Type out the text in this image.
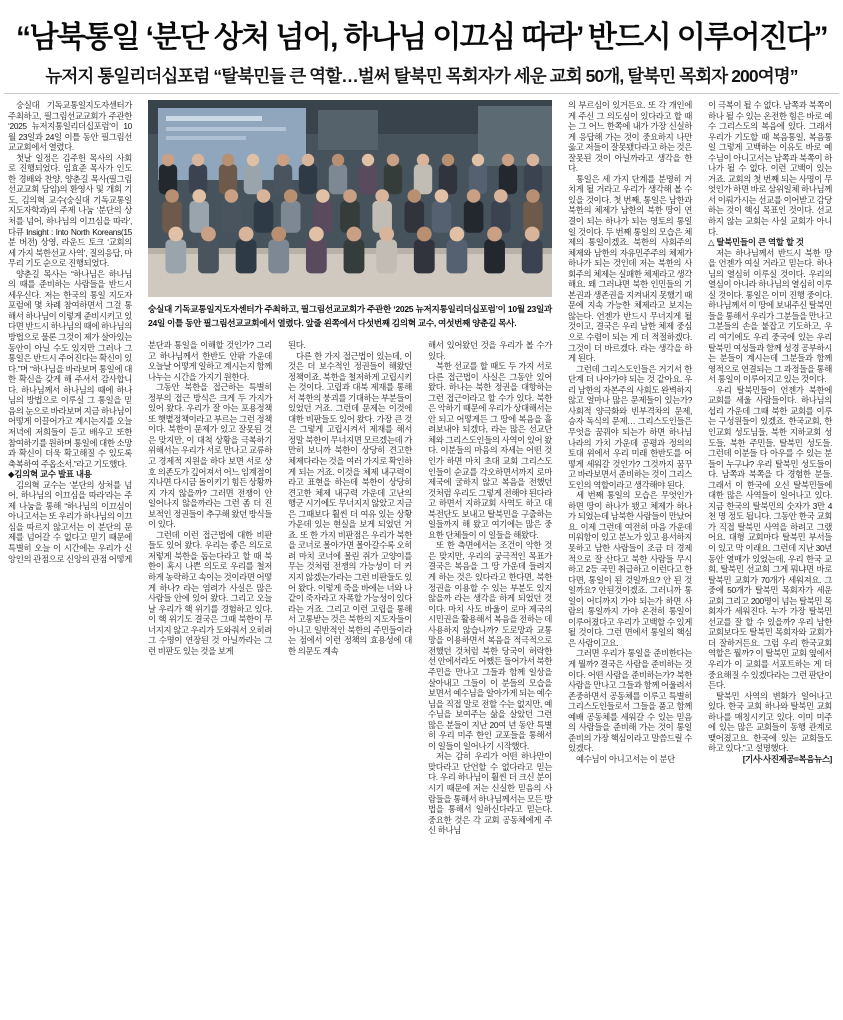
“남북통일 ‘분단 상처 넘어, 하나님 이끄심 따라’ 반드시 이루어진다”
뉴저지 통일리더십포럼 “탈북민들 큰 역할…벌써 탈북민 목회자가 세운 교회 50개, 탈북민 목회자 200여명”
숭실대 기독교통일지도자센터가 주최하고, 필그림선교교회가 주관한 ‘2025 뉴저지통일리더십포럼’이 10월 23일과 24일 이틀 동안 필그림선교교회에서 열렸다. 앞줄 왼쪽에서 다섯번째 김의혁 교수, 여섯번째 양춘길 목사.

숭실대 기독교통일지도자센터가 주최하고, 필그림선교교회가 주관한 ‘2025 뉴저지통일리더십포럼’이 10월 23일과 24일 이틀 동안 필그림선교교회에서 열렸다.

첫날 일정은 김주헌 목사의 사회로 진행되었다. 임효준 목사가 인도한 경배와 찬양, 양춘길 목사(필그림선교교회 담임)의 환영사 및 개회 기도, 김의혁 교수(숭실대 기독교통일지도자학과)의 주제 나눔 ‘분단의 상처를 넘어, 하나님의 이끄심을 따라’, 다큐 Insight : Into North Koreans(15분 버전) 상영, 라운드 토크 ‘교회의 세 가지 북한선교 사역’, 질의응답, 마무리 기도 순으로 진행되었다.

양춘길 목사는 “하나님은 하나님의 때를 준비하는 사람들을 반드시 세우신다. 저는 한국의 통일 지도자 포럼에 몇 차례 참여하면서 그걸 통해서 하나님이 이렇게 준비시키고 있다면 반드시 하나님의 때에 하나님의 방법으로 물론 그것이 제가 살아있는 동안이 아닐 수도 있지만 그러나 그 통일은 반드시 주어진다는 확신이 있다.”며 “하나님을 바라보며 통일에 대한 확신을 갖게 해 주셔서 감사합니다. 하나님께서 하나님의 때에 하나님의 방법으로 이루실 그 통일을 믿음의 눈으로 바라보며 지금 하나님이 어떻게 이끌어가고 계시는지를 오늘 저녁에 저희들이 듣고 배우고 또한 참여하기를 원하며 통일에 대한 소망과 확신이 더욱 확고해질 수 있도록 축복하여 주옵소서.”라고 기도했다.

◆김의혁 교수 발표 내용

김의혁 교수는 ‘분단의 상처를 넘어, 하나님의 이끄심을 따라’라는 주제 나눔을 통해 “하나님의 이끄심이 아니고서는 또 우리가 하나님의 이끄심을 따르지 않고서는 이 분단의 문제를 넘어갈 수 없다고 믿기 때문에 특별히 오늘 이 시간에는 우리가 신앙인의 관점으로 신앙의 관점 어떻게

분단과 통일을 이해할 것인가? 그리고 하나님께서 한반도 안팎 가운데 오늘날 어떻게 일하고 계시는지 함께 나누는 시간을 가지기 원한다.

그동안 북한을 접근하는 특별히 정부의 접근 방식은 크게 두 가지가 있어 왔다. 우리가 잘 아는 포용정책 또 햇볕정책이라고 부르는 그런 정책이다. 북한이 문제가 있고 잘못된 것은 맞지만, 이 대척 상황을 극복하기 위해서는 우리가 서로 만나고 교류하고 경제적 지원을 하다 보면 서로 상호 의존도가 깊어져서 어느 임계점이 지나면 다시금 돌이키기 힘든 상황까지 가지 않을까? 그러면 전쟁이 안 일어나지 않을까라는 그런 좀 더 진보적인 정권들이 추구해 왔던 방식들이 있다.

그런데 이런 접근법에 대한 비판들도 있어 왔다. 우리는 좋은 의도로 저렇게 북한을 돕는다라고 할 때 북한이 혹시 나쁜 의도로 우리를 철저하게 농락하고 속이는 것이라면 어떻게 하나? 라는 염려가 사실은 많은 사람들 안에 있어 왔다. 그리고 오늘날 우리가 핵 위기를 경험하고 있다. 이 핵 위기도 결국은 그때 북한이 무너지지 않고 우리가 도와줘서 오히려 그 수명이 연장된 것 아닐까라는 그런 비판도 있는 것을 보게

된다.

다른 한 가지 접근법이 있는데, 이것은 더 보수적인 정권들이 해왔던 정책이죠. 북한을 철저하게 고립시키는 것이다. 고립과 대북 제재를 통해서 북한의 붕괴를 기대하는 부분들이 있었던 거죠. 그런데 문제는 이것에 대한 비판들도 있어 왔다. 가장 큰 것은 그렇게 고립시켜서 제재를 해서 정말 북한이 무너지면 모르겠는데 가만히 보니까 북한이 상당히 견고한 체제다라는 것을 여러 가지로 확인하게 되는 거죠. 이것을 체제 내구력이라고 표현을 하는데 북한이 상당히 견고한 체제 내구력 가운데 고난의 행군 시기에도 무너지지 않았고 지금은 그때보다 훨씬 더 여유 있는 상황 가운데 있는 현실을 보게 되었던 거죠. 또 한 가지 비판점은 우리가 북한을 코너로 몰아가면 몰아갈수록 오히려 마치 코너에 몰린 쥐가 고양이를 무는 것처럼 전쟁의 가능성이 더 커지지 않겠는가라는 그런 비판들도 있어 왔다. 이렇게 죽을 바에는 너와 나 같이 죽자라고 자폭할 가능성이 있다라는 거죠. 그리고 이런 고립을 통해서 고통받는 것은 북한의 지도자들이 아니고 일반적인 북한의 주민들이라는 점에서 이런 정책의 효용성에 대한 의문도 계속

해서 있어왔던 것을 우리가 볼 수가 있다.

북한 선교를 할 때도 두 가지 서로 다른 접근법이 사실은 그동안 있어 왔다. 하나는 북한 정권을 대항하는 그런 접근이라고 할 수가 있다. 북한은 악하기 때문에 우리가 상대해서는 안 되고 어떻게든 그 땅에 복음을 흘려보내야 되겠다, 라는 많은 선교단체와 그리스도인들의 사역이 있어 왔다. 이분들의 마음의 자세는 어떤 것인가 하면 마치 초대 교회 그리스도인들이 순교를 각오하면서까지 로마 제국에 굴하지 않고 복음을 전했던 것처럼 우리도 그렇게 전해야 된다라고 하면서 지하교회 사역도 하고 대북전단도 보내고 탈북민을 구출하는 일들까지 해 왔고 여기에는 많은 중요한 단체들이 이 일들을 해왔다.

또 한 측면에서는 조건이 악한 것은 맞지만, 우리의 궁극적인 목표가 결국은 복음을 그 땅 가운데 들려지게 하는 것은 있다라고 한다면, 북한 정권을 이용할 수 있는 부분도 있지 않을까 라는 생각을 하게 되었던 것이다. 마치 사도 바울이 로마 제국의 시민권을 활용해서 복음을 전하는 데 사용하지 않습니까? 도로망과 교통망을 이용하면서 복음을 적극적으로 전했던 것처럼 북한 당국이 허락한 선 안에서라도 어쨌든 들어가서 북한 주민을 만나고 그들과 함께 일상을 살아내고 그들이 이 분들의 모습을 보면서 예수님을 알아가게 되는 예수님을 직접 말로 전할 수는 없지만, 예수님을 보여주는 삶을 살았던 그런 많은 분들이 지난 20여 년 동안 특별히 우리 미주 한인 교포들을 통해서 이 일들이 일어나기 시작했다.

저는 감히 우리가 어떤 하나만이 맞다라고 단언할 수 없다라고 믿는다. 우리 하나님이 훨씬 더 크신 분이시기 때문에 저는 신실한 믿음의 사람들을 통해서 하나님께서는 모든 방법을 통해서 일하신다라고 믿는다. 중요한 것은 각 교회 공동체에게 주신 하나님

의 부르심이 있거든요. 또 각 개인에게 주신 그 의도심이 있다라고 할 때는 그 어느 한쪽에 내가 가장 신실하게 응답해 가는 것이 중요하지 나만 옳고 저들이 잘못됐다라고 하는 것은 잘못된 것이 아닐까라고 생각을 한다.

통일은 세 가지 단계를 분명히 거치게 될 거라고 우리가 생각해 볼 수 있을 것이다. 첫 번째, 통일은 남한과 북한의 체제가 남한의 북한 땅이 연결이 되는 하나가 되는 영토의 통일일 것이다. 두 번째 통일의 모습은 체제의 통일이겠죠. 북한의 사회주의 체제와 남한의 자유민주주의 체제가 하나가 되는 것인데 저는 북한의 사회주의 체제는 실패한 체제라고 생각해요. 왜 그러냐면 북한 인민들의 기본권과 생존권을 지켜내지 못했기 때문에 지속 가능한 체제라고 보지는 않는다. 언젠가 반드시 무너지게 될 것이고, 결국은 우리 남한 체제 중심으로 수렴이 되는 게 더 적절하겠다. 그것이 더 바르겠다. 라는 생각을 하게 된다.

그런데 그리스도인들은 거기서 한 단계 더 나아가야 되는 것 같아요. 우리 남한의 자본주의 사회도 완벽하지 않고 얼마나 많은 문제들이 있는가? 사회적 양극화와 빈부격차의 문제, 승자 독식의 문제… 그리스도인들은 무엇을 꿈꿔야 되는가 하면 하나님 나라의 가치 가운데 공평과 정의의 토대 위에서 우리 미래 한반도를 어떻게 세워갈 것인가? 그것까지 꿈꾸고 바라보면서 준비하는 것이 그리스도인의 역할이라고 생각해야 된다.

세 번째 통일의 모습은 무엇인가 하면 땅이 하나가 됐고 체제가 하나가 되었는데 남북한 사람들이 만났어요. 이제 그런데 여전히 마음 가운데 미워함이 있고 분노가 있고 용서하지 못하고 남한 사람들이 조금 더 경제적으로 잘 산다고 북한 사람들 무시하고 2등 국민 취급하고 이런다고 한다면, 통일이 된 것일까요? 안 된 것일까요? 안된것이겠죠. 그러니까 통일이 어디까지 가야 되는가 하면 사람의 통일까지 가야 온전히 통일이 이루어졌다고 우리가 고백할 수 있게 될 것이다. 그런 면에서 통일의 핵심은 사람이고요.

그러면 우리가 통일을 준비한다는 게 뭘까? 결국은 사람을 준비하는 것이다. 어떤 사람을 준비하는가? 북한 사람을 만나고 그들과 함께 어울려서 존중하면서 공동체를 이루고 특별히 그리스도인들로서 그들을 품고 함께 예배 공동체를 세워갈 수 있는 믿음의 사람들을 준비해 가는 것이 통일 준비의 가장 핵심이라고 말씀드릴 수 있겠다.

예수님이 아니고서는 이 분단

이 극복이 될 수 없다. 남쪽과 북쪽이 하나 될 수 있는 온전한 힘은 바로 예수 그리스도의 복음에 있다. 그래서 우리가 기도할 때 복음통일, 복음통일 그렇게 고백하는 이유도 바로 예수님이 아니고서는 남쪽과 북쪽이 하나가 될 수 없다. 이런 고백이 있는 거죠. 교회의 첫 번째 되는 사명이 무엇인가 하면 바로 삼위일체 하나님께서 이뤄가시는 선교를 이어받고 감당하는 것이 핵심 목표인 것이다. 선교하지 않는 교회는 사실 교회가 아니다.

△ 탈북민들이 큰 역할 할 것

저는 하나님께서 반드시 북한 땅을 언젠가 여실 거라고 믿는다. 하나님의 열심히 이루실 것이다. 우리의 열심이 아니라 하나님의 열심히 이루실 것이다. 통일은 이미 진행 중이다. 하나님께서 이 땅에 보내주신 탈북민들을 통해서 우리가 그분들을 만나고 그분들의 손을 붙잡고 기도하고, 우리 여기에도 우리 중국에 있는 우리 탈북민 여성들과 함께 성경 공부하시는 분들이 계시는데 그분들과 함께 영적으로 연결되는 그 과정들을 통해서 통일이 이루어지고 있는 것이다.

우리 탈북민들이 언젠가 북한에 교회를 세울 사람들이다. 하나님의 섭리 가운데 그때 북한 교회를 이루는 구성원들이 있겠죠. 한국교회, 한인교회 성도님들, 북한 지하교회 성도들, 북한 주민들, 탈북민 성도들. 그런데 이분들 다 아우를 수 있는 분들이 누구냐? 우리 탈북민 성도들이다. 남쪽과 북쪽을 다 경험한 분들. 그래서 이 한국에 오신 탈북민들에 대한 많은 사역들이 일어나고 있다. 지금 한국의 탈북민의 숫자가 3만 4천 명 정도 됩니다. 그동안 한국 교회가 직접 탈북민 사역을 하려고 그랬어요. 대형 교회마다 탈북민 부서들이 있고 막 이래요. 그런데 지난 30년 동안 열매가 있었는데, 우리 한국 교회, 탈북민 선교회 그게 뭐냐면 바로 탈북민 교회가 70개가 세워져요. 그중에 50개가 탈북민 목회자가 세운 교회 그리고 200명이 넘는 탈북민 목회자가 세워진다. 누가 가장 탈북민 선교를 잘 할 수 있을까? 우리 남한 교회보다도 탈북민 목회자와 교회가 더 잘하거든요. 그럼 우리 한국교회 역할은 뭘까? 이 탈북민 교회 옆에서 우리가 이 교회를 서포트하는 게 더 중요해질 수 있겠다라는 그런 판단이 든다.

탈북민 사역의 변화가 일어나고 있다. 한국 교회 하나와 탈북민 교회 하나를 매칭시키고 있다. 이미 미주에 있는 많은 교회들이 동행 관계로 맺어졌고요. 한국에 있는 교회들도 하고 있다.”고 설명했다.

[기사·사진제공=복음뉴스]
